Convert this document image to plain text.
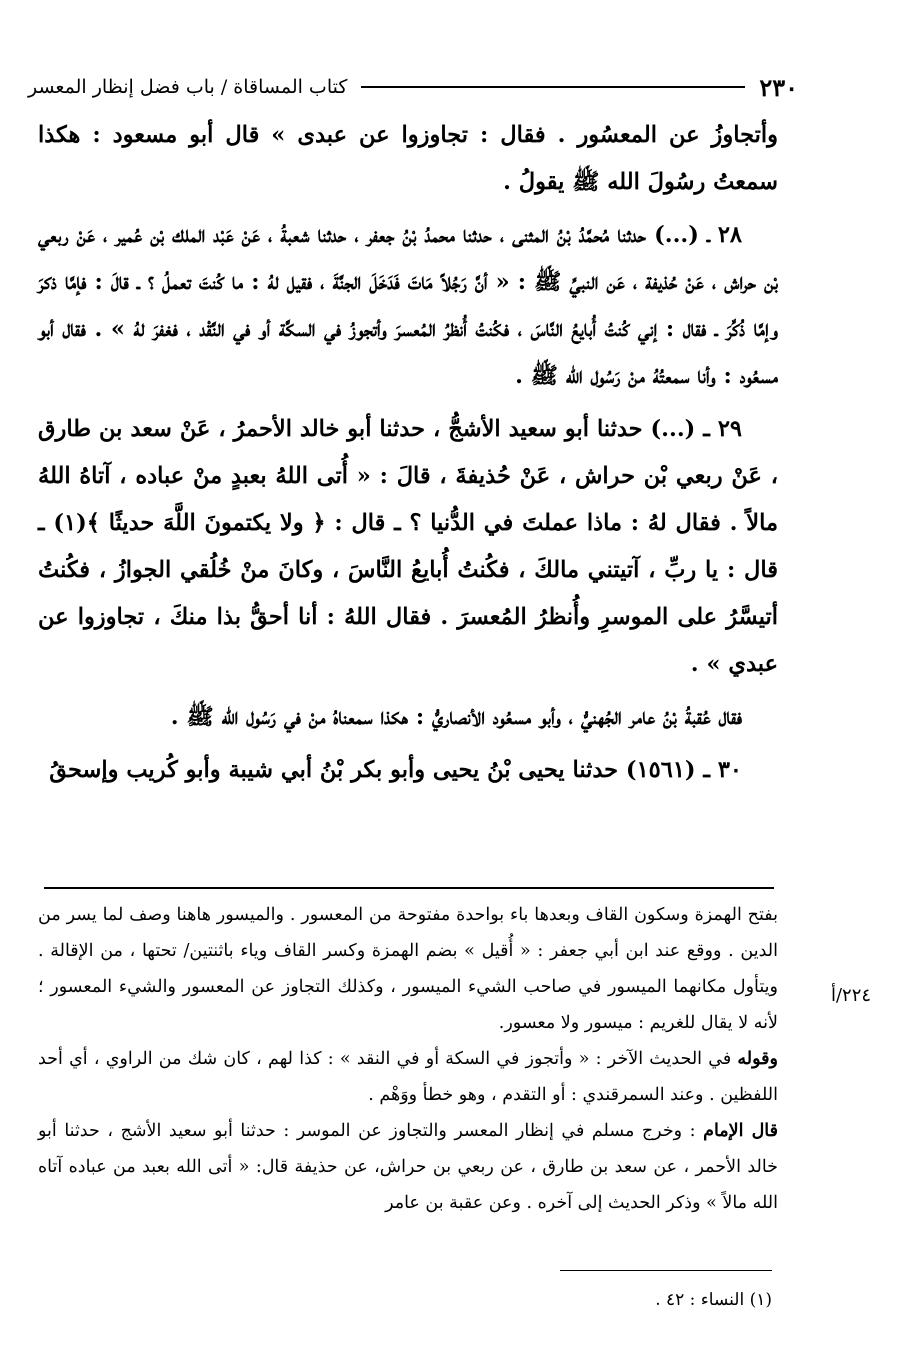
٢٣٠
كتاب المساقاة / باب فضل إنظار المعسر

وأتجاوزُ عن المعسُور . فقال : تجاوزوا عن عبدى » قال أبو مسعود : هكذا سمعتُ رسُولَ الله ﷺ يقولُ .

٢٨ ـ (...) حدثنا مُحمَّدُ بْنُ المثنى ، حدثنا محمدُ بْنُ جعفر ، حدثنا شعبةُ ، عَنْ عَبْد الملك بْن عُمير ، عَنْ ربعي بْن حراش ، عَنْ حُذيفة ، عَن النبيِّ ﷺ : « أنَّ رَجُلاً مَاتَ فَدَخَلَ الجنَّةَ ، فقيل لهُ : ما كُنتَ تعملُ ؟ ـ قالَ : فإمَّا ذكرَ وإمَّا ذُكِّرَ ـ فقال : إني كُنتُ أُبايعُ النَّاسَ ، فكُنتُ أُنظرُ المُعسرَ وأتجوزُ في السكَّة أو في النَّقْد ، فغفرَ لهُ » . فقال أبو مسعُود : وأنا سمعتُهُ منْ رَسُول الله ﷺ .

٢٩ ـ (...) حدثنا أبو سعيد الأشجُّ ، حدثنا أبو خالد الأحمرُ ، عَنْ سعد بن طارق ، عَنْ ربعي بْن حراش ، عَنْ حُذيفةَ ، قالَ : « أُتى اللهُ بعبدٍ منْ عباده ، آتاهُ اللهُ مالاً . فقال لهُ : ماذا عملتَ في الدُّنيا ؟ ـ قال : ﴿ ولا يكتمونَ اللَّهَ حديثًا ﴾(١) ـ قال : يا ربِّ ، آتيتني مالكَ ، فكُنتُ أُبايعُ النَّاسَ ، وكانَ منْ خُلُقي الجوازُ ، فكُنتُ أتيسَّرُ على الموسرِ وأُنظرُ المُعسرَ . فقال اللهُ : أنا أحقُّ بذا منكَ ، تجاوزوا عن عبدي » .

فقال عُقبةُ بْنُ عامر الجُهنيُّ ، وأبو مسعُود الأنصاريُّ : هكذا سمعناهُ منْ في رَسُول الله ﷺ .

٣٠ ـ (١٥٦١) حدثنا يحيى بْنُ يحيى وأبو بكر بْنُ أبي شيبة وأبو كُريب وإسحقُ

بفتح الهمزة وسكون القاف وبعدها باء بواحدة مفتوحة من المعسور . والميسور هاهنا وصف لما يسر من الدين . ووقع عند ابن أبي جعفر : « أُقيل » بضم الهمزة وكسر القاف وياء باثنتين/ تحتها ، من الإقالة . ويتأول مكانهما الميسور في صاحب الشيء الميسور ، وكذلك التجاوز عن المعسور والشيء المعسور ؛ لأنه لا يقال للغريم : ميسور ولا معسور.

وقوله في الحديث الآخر : « وأتجوز في السكة أو في النقد » : كذا لهم ، كان شك من الراوي ، أي أحد اللفظين . وعند السمرقندي : أو التقدم ، وهو خطأ ووَهْم .

قال الإمام : وخرج مسلم في إنظار المعسر والتجاوز عن الموسر : حدثنا أبو سعيد الأشج ، حدثنا أبو خالد الأحمر ، عن سعد بن طارق ، عن ربعي بن حراش، عن حذيفة قال: « أتى الله بعبد من عباده آتاه الله مالاً » وذكر الحديث إلى آخره . وعن عقبة بن عامر

٢٢٤/أ
(١) النساء : ٤٢ .
